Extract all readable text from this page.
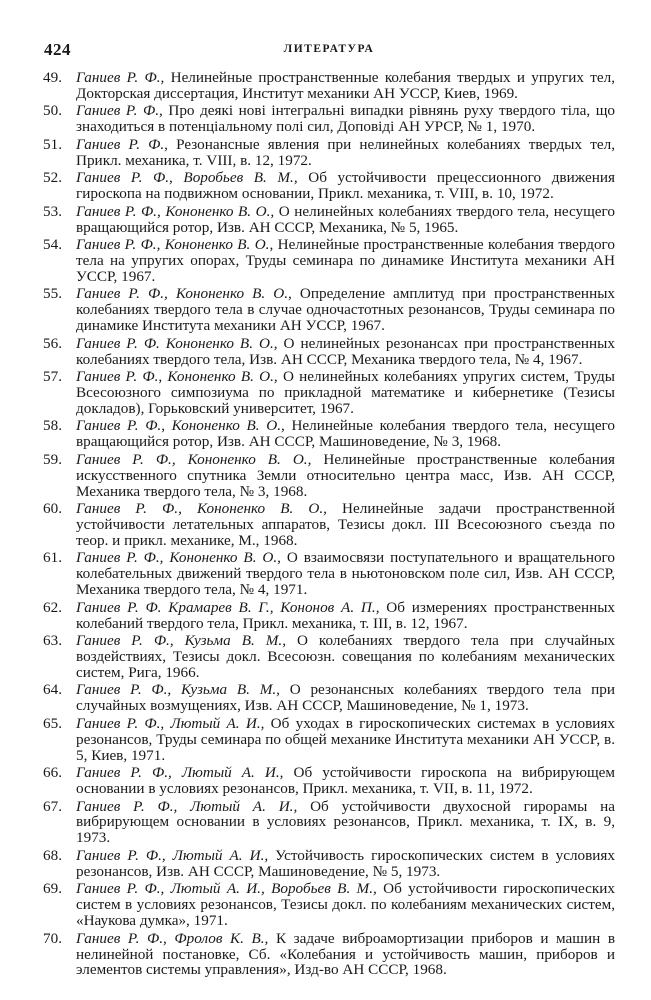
424	ЛИТЕРАТУРА
49. Ганиев Р. Ф., Нелинейные пространственные колебания твердых и упругих тел, Докторская диссертация, Институт механики АН УССР, Киев, 1969.
50. Ганиев Р. Ф., Про деякі нові інтегральні випадки рівнянь руху твердого тіла, що знаходиться в потенціальному полі сил, Доповіді АН УРСР, № 1, 1970.
51. Ганиев Р. Ф., Резонансные явления при нелинейных колебаниях твердых тел, Прикл. механика, т. VIII, в. 12, 1972.
52. Ганиев Р. Ф., Воробьев В. М., Об устойчивости прецессионного движения гироскопа на подвижном основании, Прикл. механика, т. VIII, в. 10, 1972.
53. Ганиев Р. Ф., Кононенко В. О., О нелинейных колебаниях твердого тела, несущего вращающийся ротор, Изв. АН СССР, Механика, № 5, 1965.
54. Ганиев Р. Ф., Кононенко В. О., Нелинейные пространственные колебания твердого тела на упругих опорах, Труды семинара по динамике Института механики АН УССР, 1967.
55. Ганиев Р. Ф., Кононенко В. О., Определение амплитуд при пространственных колебаниях твердого тела в случае одночастотных резонансов, Труды семинара по динамике Института механики АН УССР, 1967.
56. Ганиев Р. Ф. Кононенко В. О., О нелинейных резонансах при пространственных колебаниях твердого тела, Изв. АН СССР, Механика твердого тела, № 4, 1967.
57. Ганиев Р. Ф., Кононенко В. О., О нелинейных колебаниях упругих систем, Труды Всесоюзного симпозиума по прикладной математике и кибернетике (Тезисы докладов), Горьковский университет, 1967.
58. Ганиев Р. Ф., Кононенко В. О., Нелинейные колебания твердого тела, несущего вращающийся ротор, Изв. АН СССР, Машиноведение, № 3, 1968.
59. Ганиев Р. Ф., Кононенко В. О., Нелинейные пространственные колебания искусственного спутника Земли относительно центра масс, Изв. АН СССР, Механика твердого тела, № 3, 1968.
60. Ганиев Р. Ф., Кононенко В. О., Нелинейные задачи пространственной устойчивости летательных аппаратов, Тезисы докл. III Всесоюзного съезда по теор. и прикл. механике, М., 1968.
61. Ганиев Р. Ф., Кононенко В. О., О взаимосвязи поступательного и вращательного колебательных движений твердого тела в ньютоновском поле сил, Изв. АН СССР, Механика твердого тела, № 4, 1971.
62. Ганиев Р. Ф. Крамарев В. Г., Кононов А. П., Об измерениях пространственных колебаний твердого тела, Прикл. механика, т. III, в. 12, 1967.
63. Ганиев Р. Ф., Кузьма В. М., О колебаниях твердого тела при случайных воздействиях, Тезисы докл. Всесоюзн. совещания по колебаниям механических систем, Рига, 1966.
64. Ганиев Р. Ф., Кузьма В. М., О резонансных колебаниях твердого тела при случайных возмущениях, Изв. АН СССР, Машиноведение, № 1, 1973.
65. Ганиев Р. Ф., Лютый А. И., Об уходах в гироскопических системах в условиях резонансов, Труды семинара по общей механике Института механики АН УССР, в. 5, Киев, 1971.
66. Ганиев Р. Ф., Лютый А. И., Об устойчивости гироскопа на вибрирующем основании в условиях резонансов, Прикл. механика, т. VII, в. 11, 1972.
67. Ганиев Р. Ф., Лютый А. И., Об устойчивости двухосной гирорамы на вибрирующем основании в условиях резонансов, Прикл. механика, т. IX, в. 9, 1973.
68. Ганиев Р. Ф., Лютый А. И., Устойчивость гироскопических систем в условиях резонансов, Изв. АН СССР, Машиноведение, № 5, 1973.
69. Ганиев Р. Ф., Лютый А. И., Воробьев В. М., Об устойчивости гироскопических систем в условиях резонансов, Тезисы докл. по колебаниям механических систем, «Наукова думка», 1971.
70. Ганиев Р. Ф., Фролов К. В., К задаче виброамортизации приборов и машин в нелинейной постановке, Сб. «Колебания и устойчивость машин, приборов и элементов системы управления», Изд-во АН СССР, 1968.
